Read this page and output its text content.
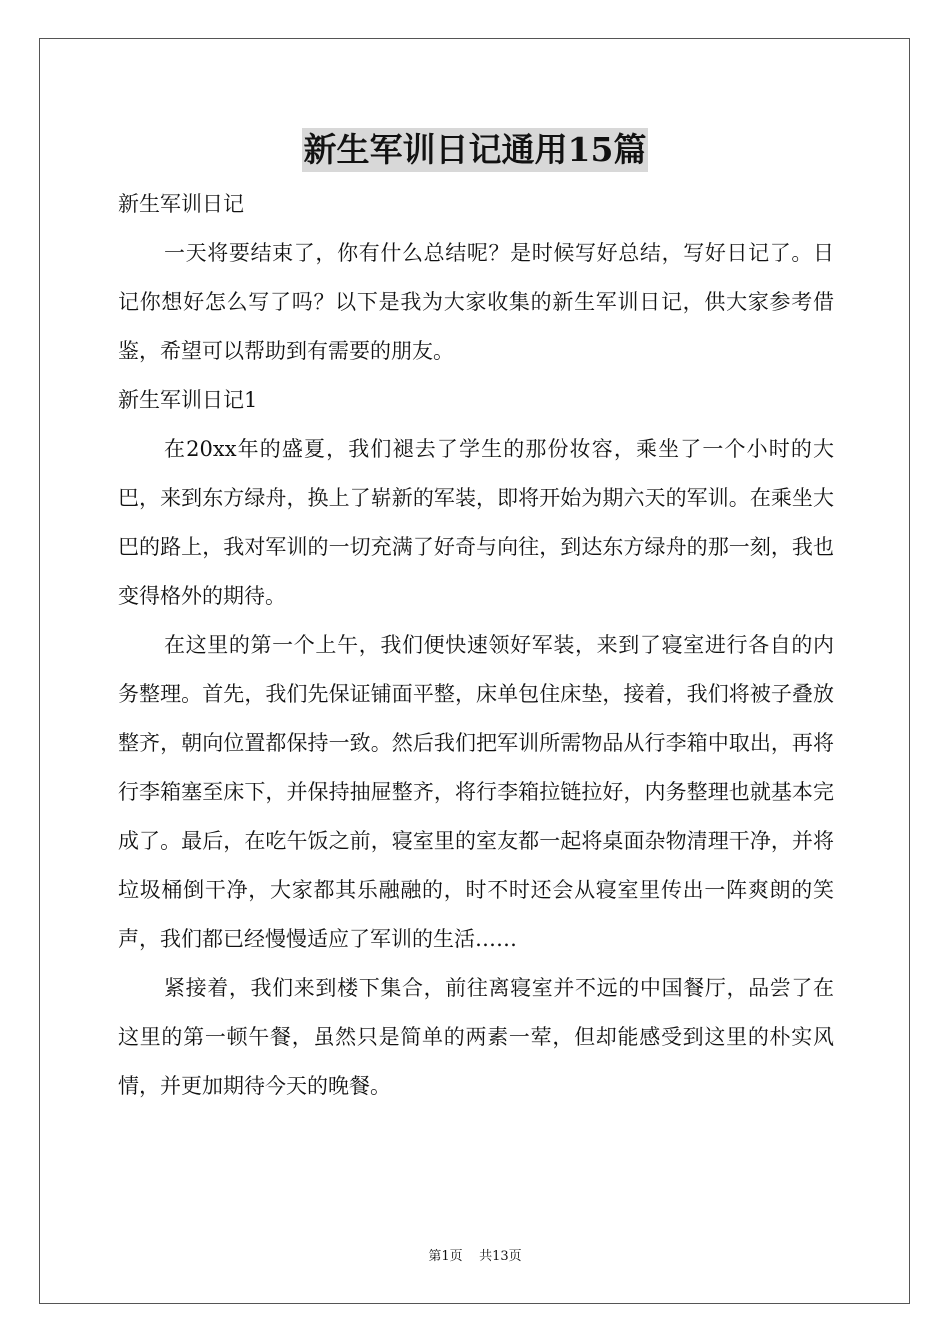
新生军训日记通用15篇

新生军训日记

一天将要结束了，你有什么总结呢？是时候写好总结，写好日记了。日记你想好怎么写了吗？以下是我为大家收集的新生军训日记，供大家参考借鉴，希望可以帮助到有需要的朋友。

新生军训日记1

在20xx年的盛夏，我们褪去了学生的那份妆容，乘坐了一个小时的大巴，来到东方绿舟，换上了崭新的军装，即将开始为期六天的军训。在乘坐大巴的路上，我对军训的一切充满了好奇与向往，到达东方绿舟的那一刻，我也变得格外的期待。

在这里的第一个上午，我们便快速领好军装，来到了寝室进行各自的内务整理。首先，我们先保证铺面平整，床单包住床垫，接着，我们将被子叠放整齐，朝向位置都保持一致。然后我们把军训所需物品从行李箱中取出，再将行李箱塞至床下，并保持抽屉整齐，将行李箱拉链拉好，内务整理也就基本完成了。最后，在吃午饭之前，寝室里的室友都一起将桌面杂物清理干净，并将垃圾桶倒干净，大家都其乐融融的，时不时还会从寝室里传出一阵爽朗的笑声，我们都已经慢慢适应了军训的生活……

紧接着，我们来到楼下集合，前往离寝室并不远的中国餐厅，品尝了在这里的第一顿午餐，虽然只是简单的两素一荤，但却能感受到这里的朴实风情，并更加期待今天的晚餐。

第1页 共13页
